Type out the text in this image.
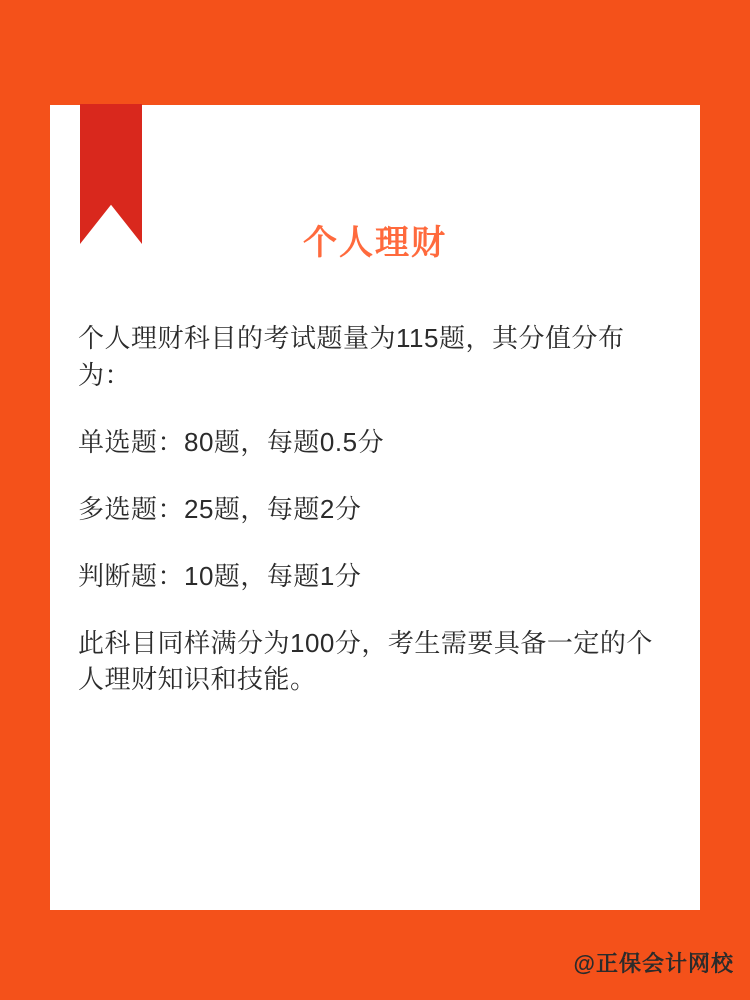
个人理财

个人理财科目的考试题量为115题，其分值分布为：

单选题：80题，每题0.5分

多选题：25题，每题2分

判断题：10题，每题1分

此科目同样满分为100分，考生需要具备一定的个人理财知识和技能。

@正保会计网校
